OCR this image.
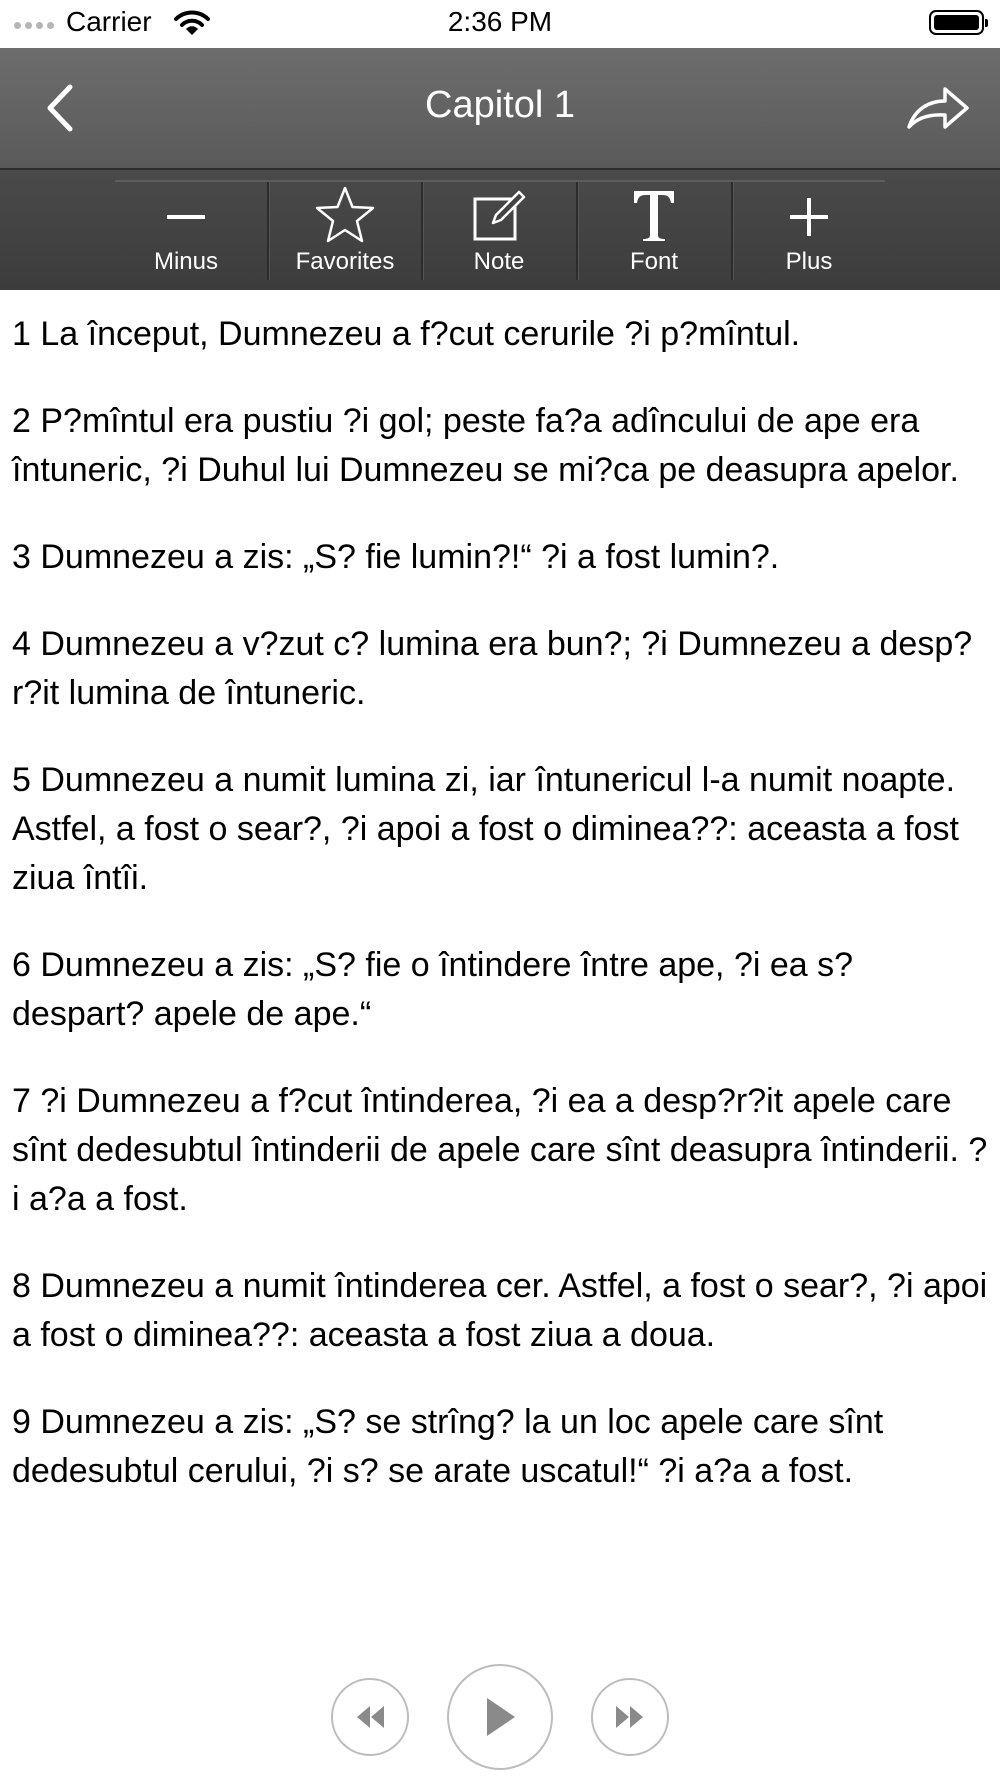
Carrier	2:36 PM
Capitol 1
Minus	Favorites	Note	Font	Plus

1 La început, Dumnezeu a f?cut cerurile ?i p?mîntul.

2 P?mîntul era pustiu ?i gol; peste fa?a adîncului de ape era întuneric, ?i Duhul lui Dumnezeu se mi?ca pe deasupra apelor.

3 Dumnezeu a zis: „S? fie lumin?!“ ?i a fost lumin?.

4 Dumnezeu a v?zut c? lumina era bun?; ?i Dumnezeu a desp?r?it lumina de întuneric.

5 Dumnezeu a numit lumina zi, iar întunericul l-a numit noapte. Astfel, a fost o sear?, ?i apoi a fost o diminea??: aceasta a fost ziua întîi.

6 Dumnezeu a zis: „S? fie o întindere între ape, ?i ea s? despart? apele de ape.“

7 ?i Dumnezeu a f?cut întinderea, ?i ea a desp?r?it apele care sînt dedesubtul întinderii de apele care sînt deasupra întinderii. ?i a?a a fost.

8 Dumnezeu a numit întinderea cer. Astfel, a fost o sear?, ?i apoi a fost o diminea??: aceasta a fost ziua a doua.

9 Dumnezeu a zis: „S? se strîng? la un loc apele care sînt dedesubtul cerului, ?i s? se arate uscatul!“ ?i a?a a fost.
